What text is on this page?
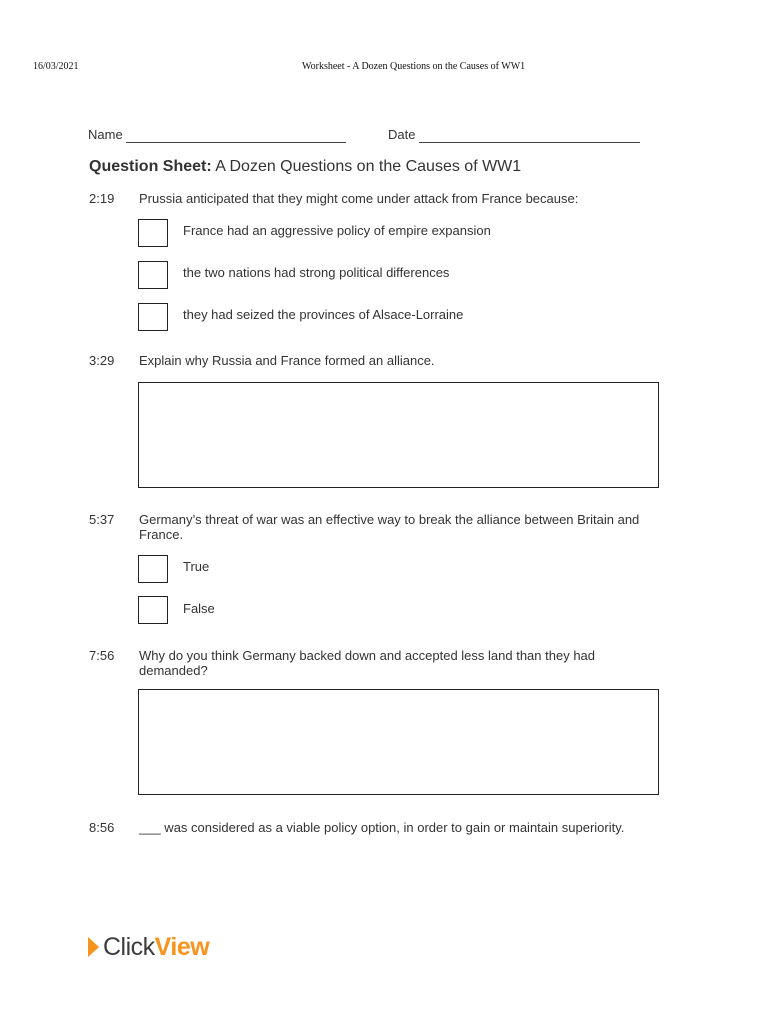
16/03/2021	Worksheet - A Dozen Questions on the Causes of WW1
Name	Date
Question Sheet: A Dozen Questions on the Causes of WW1
2:19 Prussia anticipated that they might come under attack from France because:
France had an aggressive policy of empire expansion
the two nations had strong political differences
they had seized the provinces of Alsace-Lorraine
3:29 Explain why Russia and France formed an alliance.
5:37 Germany’s threat of war was an effective way to break the alliance between Britain and France.
True
False
7:56 Why do you think Germany backed down and accepted less land than they had demanded?
8:56 ___ was considered as a viable policy option, in order to gain or maintain superiority.
Click View
